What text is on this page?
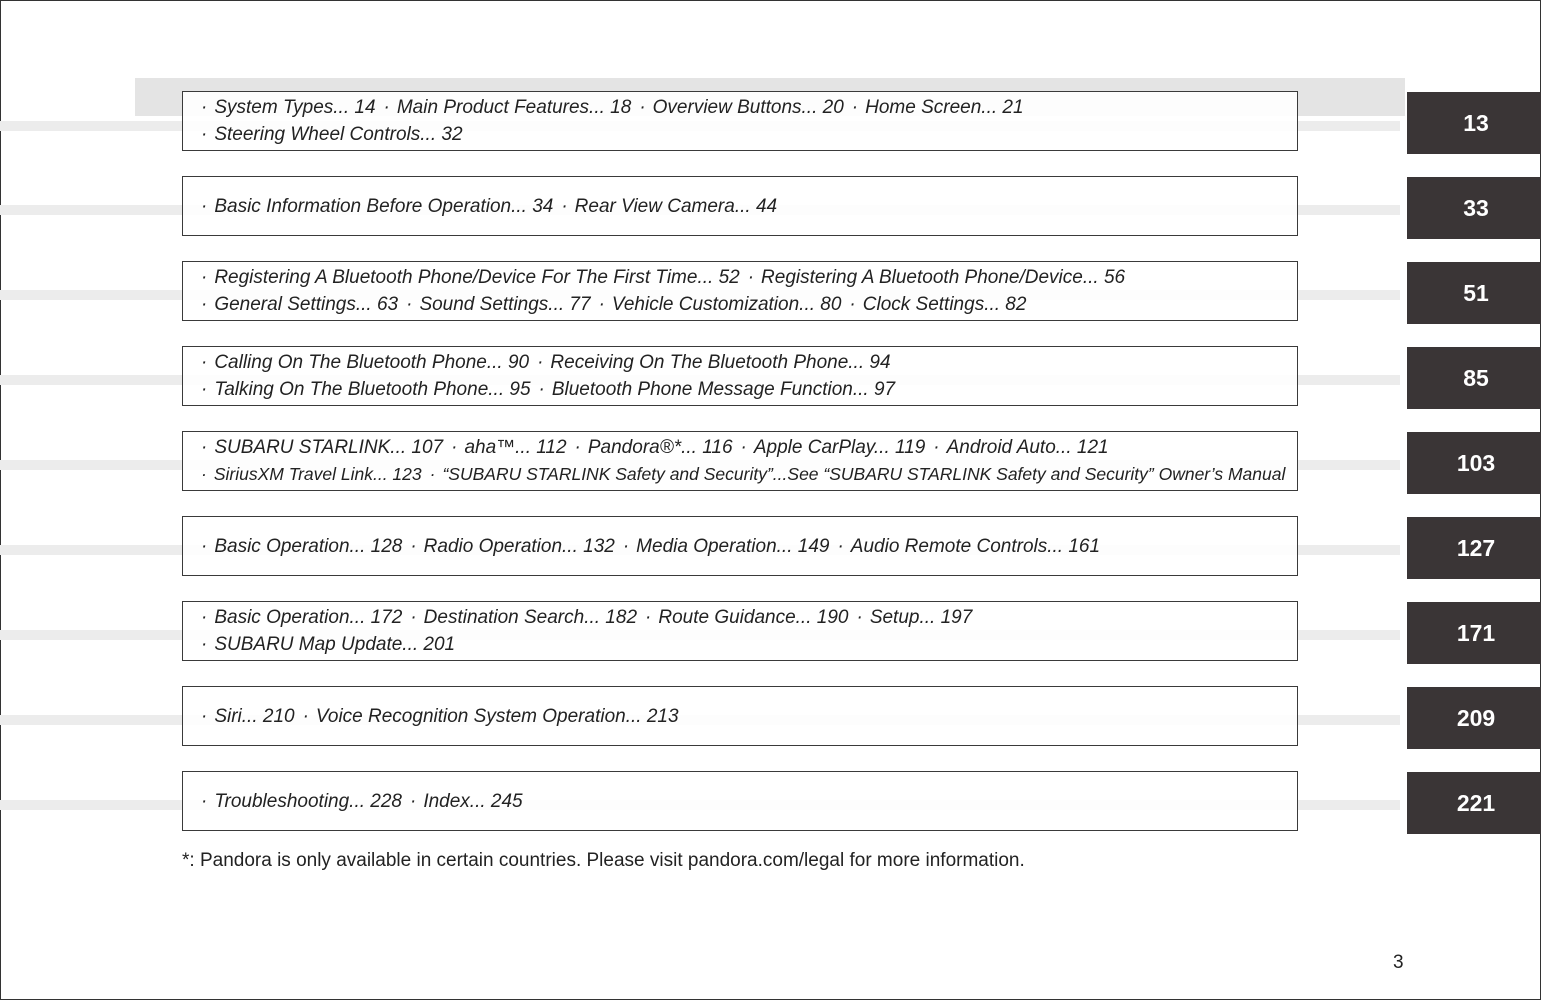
· System Types... 14 · Main Product Features... 18 · Overview Buttons... 20 · Home Screen... 21
· Steering Wheel Controls... 32	13
· Basic Information Before Operation... 34 · Rear View Camera... 44	33
· Registering A Bluetooth Phone/Device For The First Time... 52 · Registering A Bluetooth Phone/Device... 56
· General Settings... 63 · Sound Settings... 77 · Vehicle Customization... 80 · Clock Settings... 82	51
· Calling On The Bluetooth Phone... 90 · Receiving On The Bluetooth Phone... 94
· Talking On The Bluetooth Phone... 95 · Bluetooth Phone Message Function... 97	85
· SUBARU STARLINK... 107 · aha™... 112 · Pandora®*... 116 · Apple CarPlay... 119 · Android Auto... 121
· SiriusXM Travel Link... 123 · “SUBARU STARLINK Safety and Security”...See “SUBARU STARLINK Safety and Security” Owner’s Manual	103
· Basic Operation... 128 · Radio Operation... 132 · Media Operation... 149 · Audio Remote Controls... 161	127
· Basic Operation... 172 · Destination Search... 182 · Route Guidance... 190 · Setup... 197
· SUBARU Map Update... 201	171
· Siri... 210 · Voice Recognition System Operation... 213	209
· Troubleshooting... 228 · Index... 245	221
*: Pandora is only available in certain countries. Please visit pandora.com/legal for more information.
3
